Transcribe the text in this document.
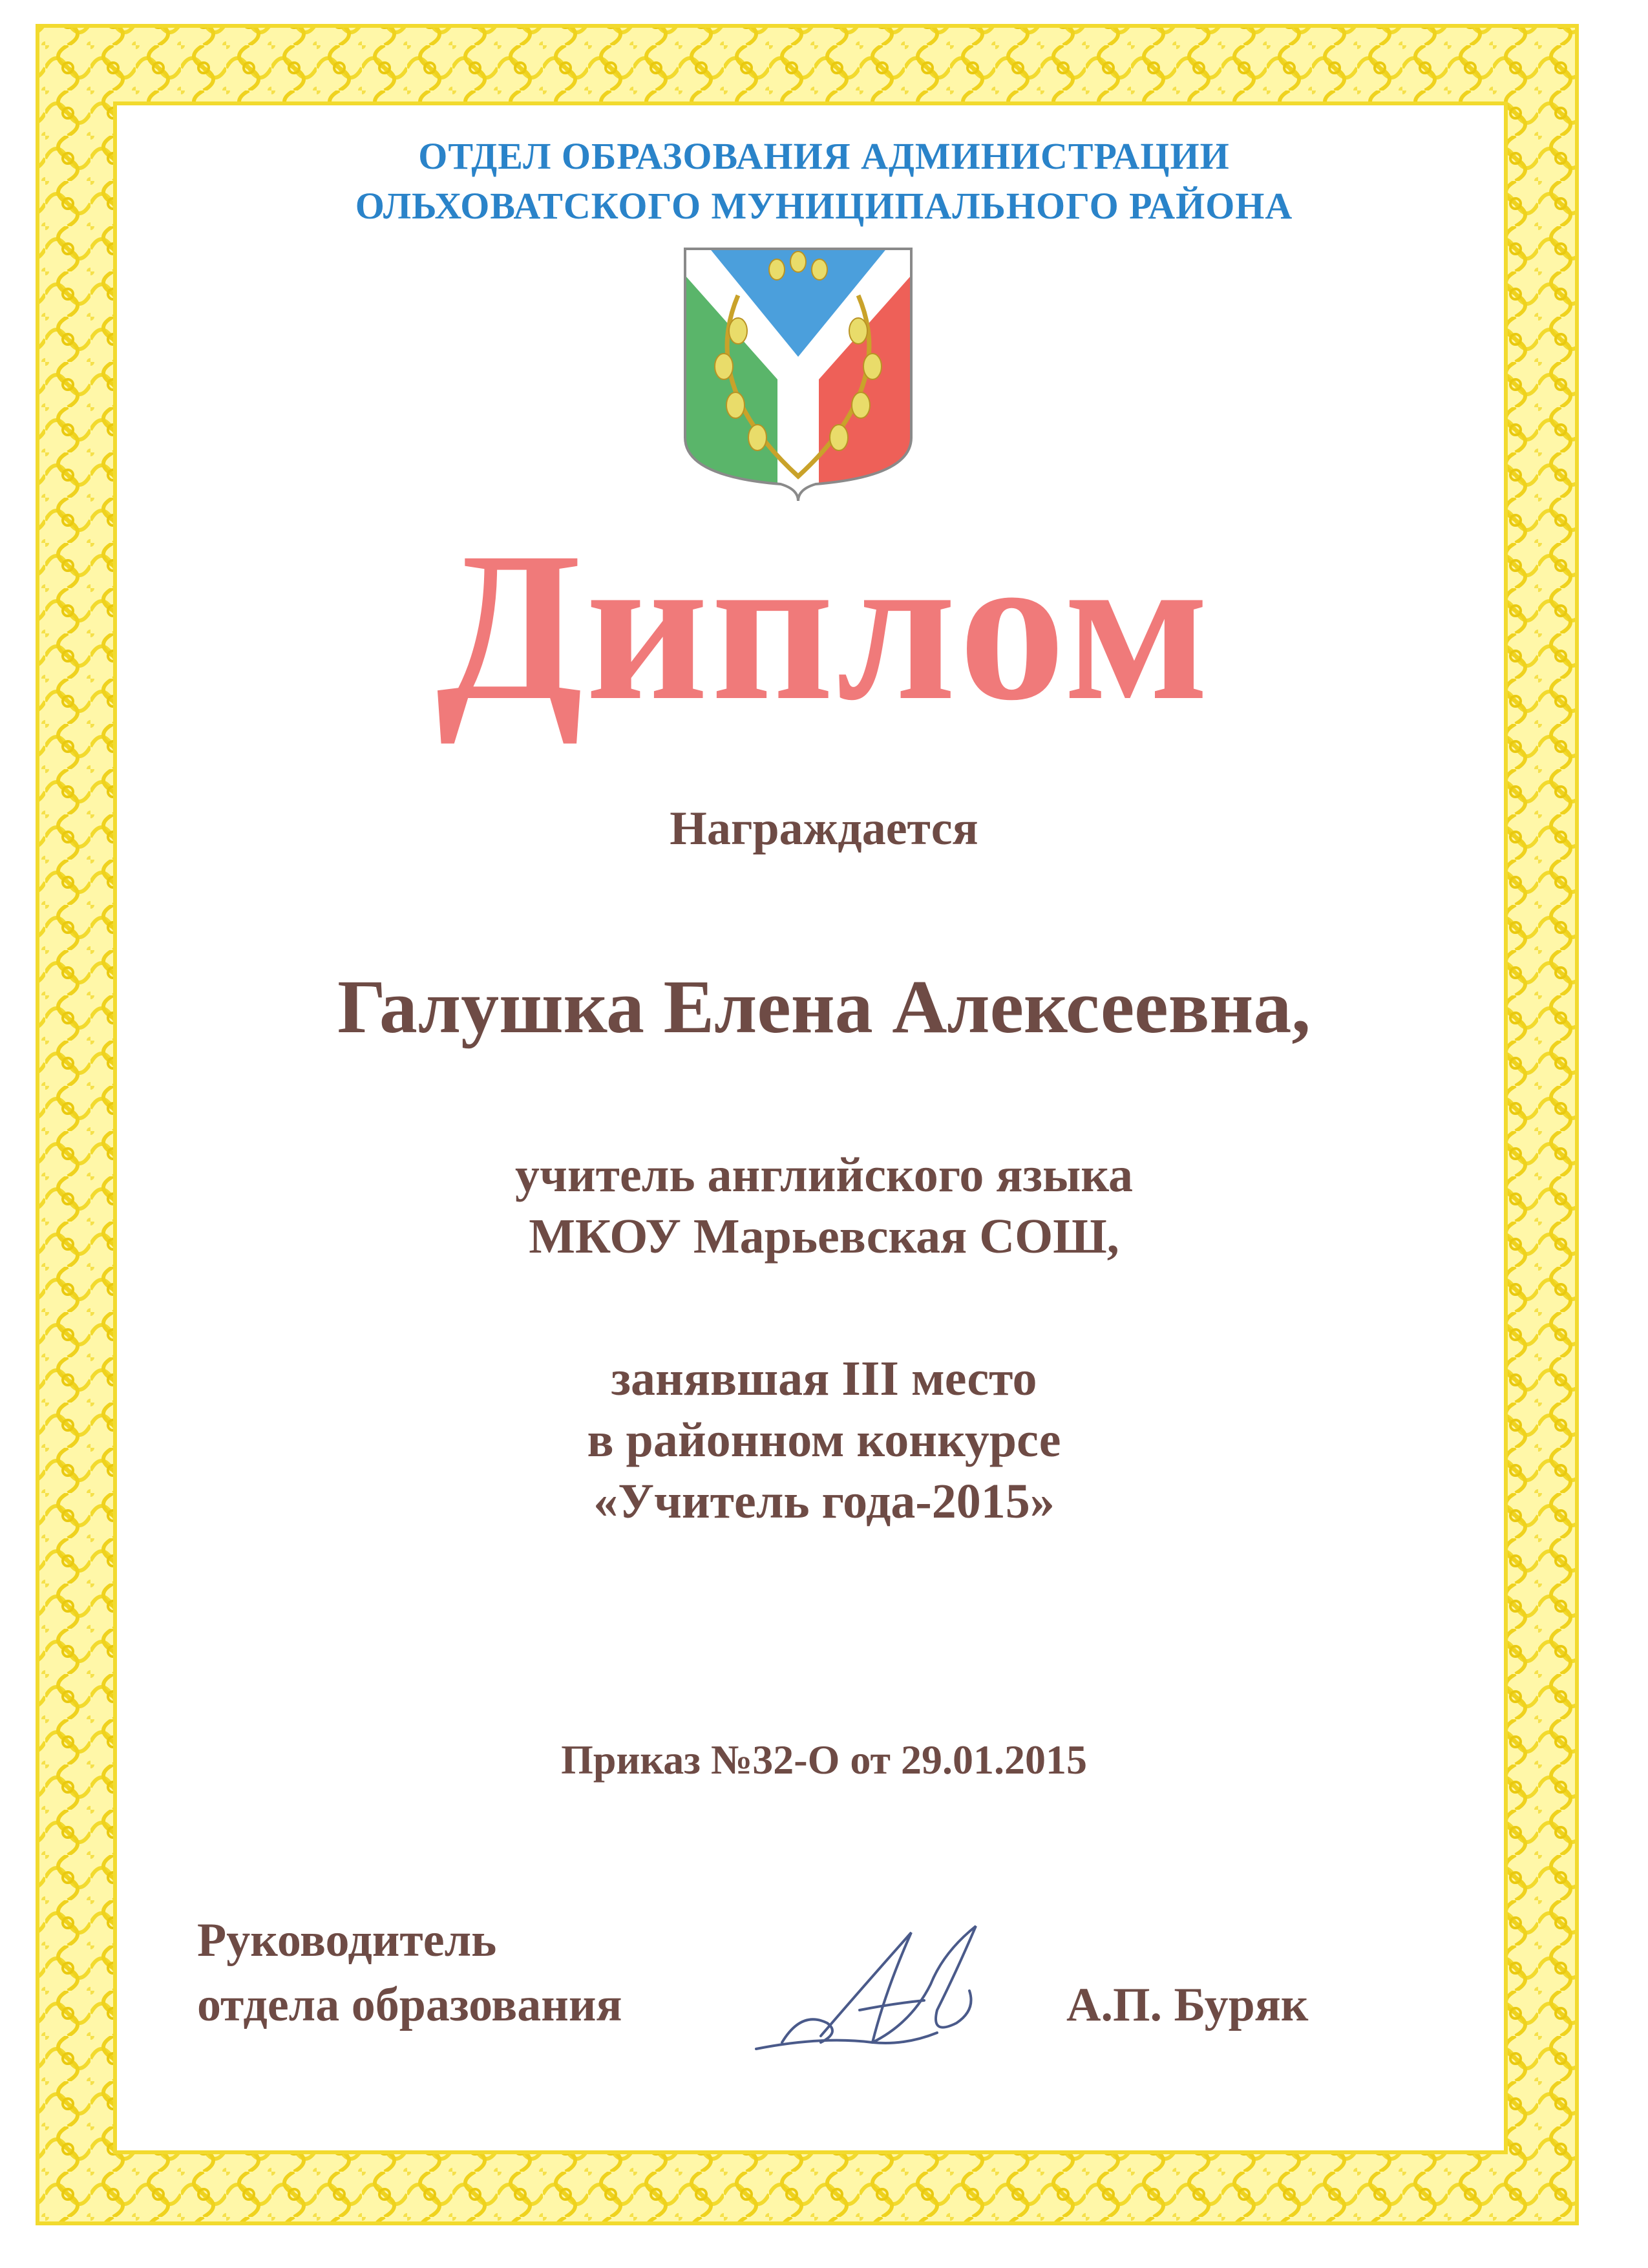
ОТДЕЛ ОБРАЗОВАНИЯ АДМИНИСТРАЦИИ
ОЛЬХОВАТСКОГО МУНИЦИПАЛЬНОГО РАЙОНА
Диплом
Награждается
Галушка Елена Алексеевна,
учитель английского языка
МКОУ Марьевская СОШ,
занявшая III место
в районном конкурсе
«Учитель года-2015»
Приказ №32-О от 29.01.2015
Руководитель
отдела образования	А.П. Буряк
